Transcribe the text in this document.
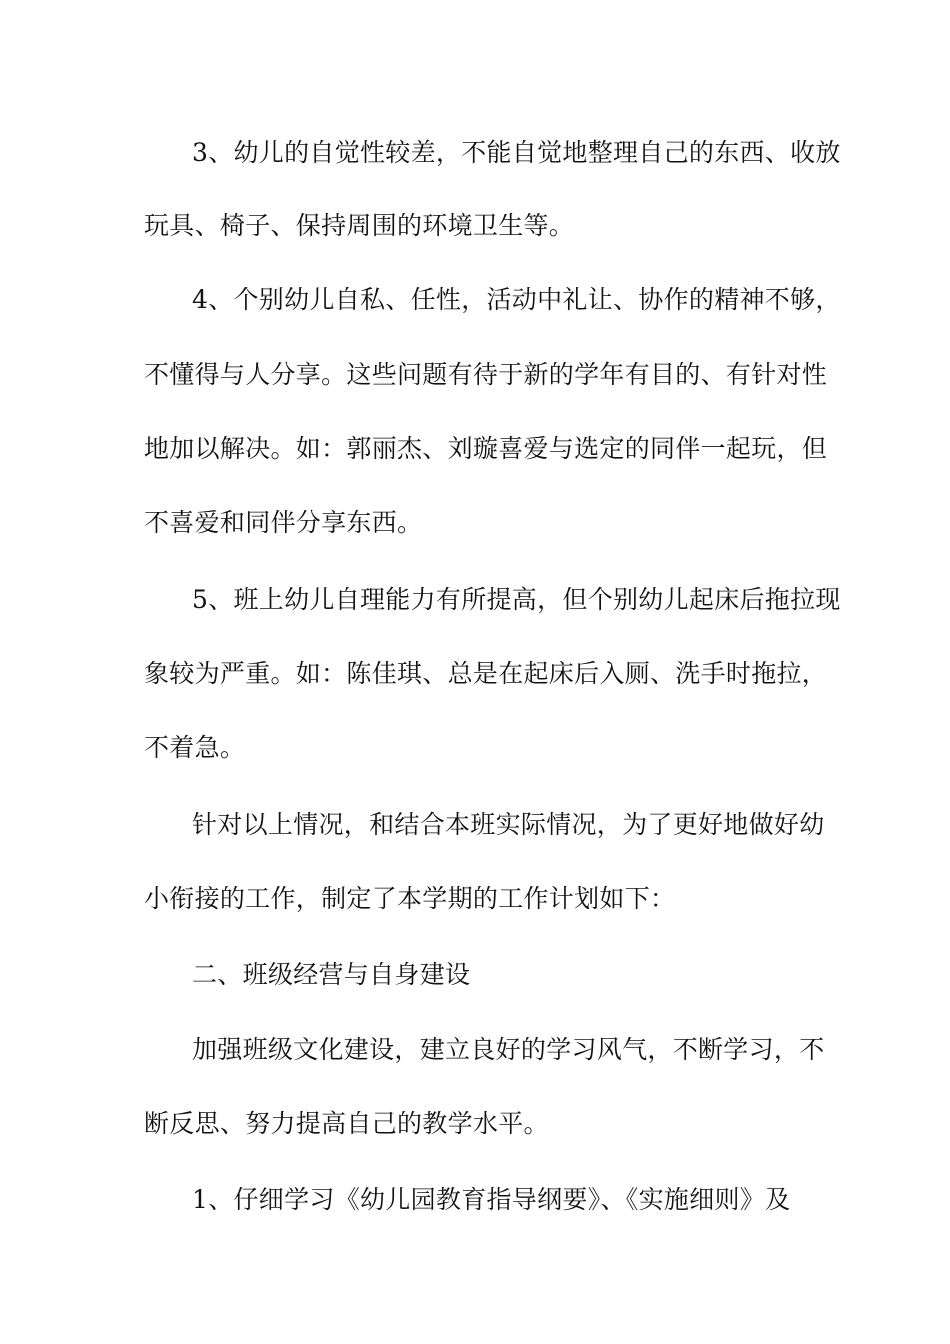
3、幼儿的自觉性较差，不能自觉地整理自己的东西、收放
玩具、椅子、保持周围的环境卫生等。
4、个别幼儿自私、任性，活动中礼让、协作的精神不够，
不懂得与人分享。这些问题有待于新的学年有目的、有针对性
地加以解决。如：郭丽杰、刘璇喜爱与选定的同伴一起玩，但
不喜爱和同伴分享东西。
5、班上幼儿自理能力有所提高，但个别幼儿起床后拖拉现
象较为严重。如：陈佳琪、总是在起床后入厕、洗手时拖拉，
不着急。
针对以上情况，和结合本班实际情况，为了更好地做好幼
小衔接的工作，制定了本学期的工作计划如下：
二、班级经营与自身建设
加强班级文化建设，建立良好的学习风气，不断学习，不
断反思、努力提高自己的教学水平。
1、仔细学习《幼儿园教育指导纲要》、《实施细则》及
